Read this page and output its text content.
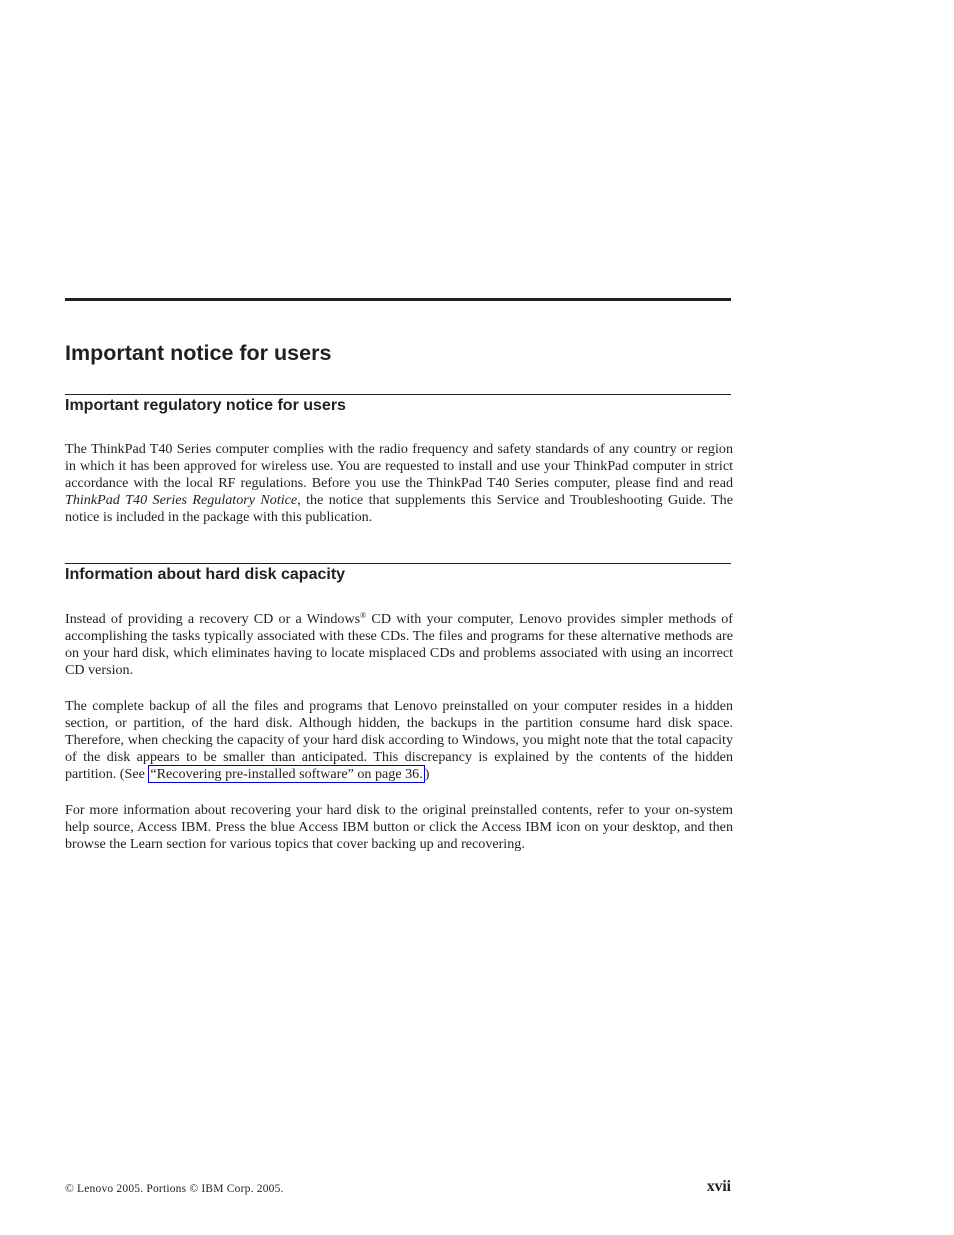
Important notice for users
Important regulatory notice for users

The ThinkPad T40 Series computer complies with the radio frequency and safety standards of any country or region in which it has been approved for wireless use. You are requested to install and use your ThinkPad computer in strict accordance with the local RF regulations. Before you use the ThinkPad T40 Series computer, please find and read ThinkPad T40 Series Regulatory Notice, the notice that supplements this Service and Troubleshooting Guide. The notice is included in the package with this publication.

Information about hard disk capacity

Instead of providing a recovery CD or a Windows® CD with your computer, Lenovo provides simpler methods of accomplishing the tasks typically associated with these CDs. The files and programs for these alternative methods are on your hard disk, which eliminates having to locate misplaced CDs and problems associated with using an incorrect CD version.

The complete backup of all the files and programs that Lenovo preinstalled on your computer resides in a hidden section, or partition, of the hard disk. Although hidden, the backups in the partition consume hard disk space. Therefore, when checking the capacity of your hard disk according to Windows, you might note that the total capacity of the disk appears to be smaller than anticipated. This discrepancy is explained by the contents of the hidden partition. (See “Recovering pre-installed software” on page 36. )

For more information about recovering your hard disk to the original preinstalled contents, refer to your on-system help source, Access IBM. Press the blue Access IBM button or click the Access IBM icon on your desktop, and then browse the Learn section for various topics that cover backing up and recovering.

© Lenovo 2005. Portions © IBM Corp. 2005.	xvii
